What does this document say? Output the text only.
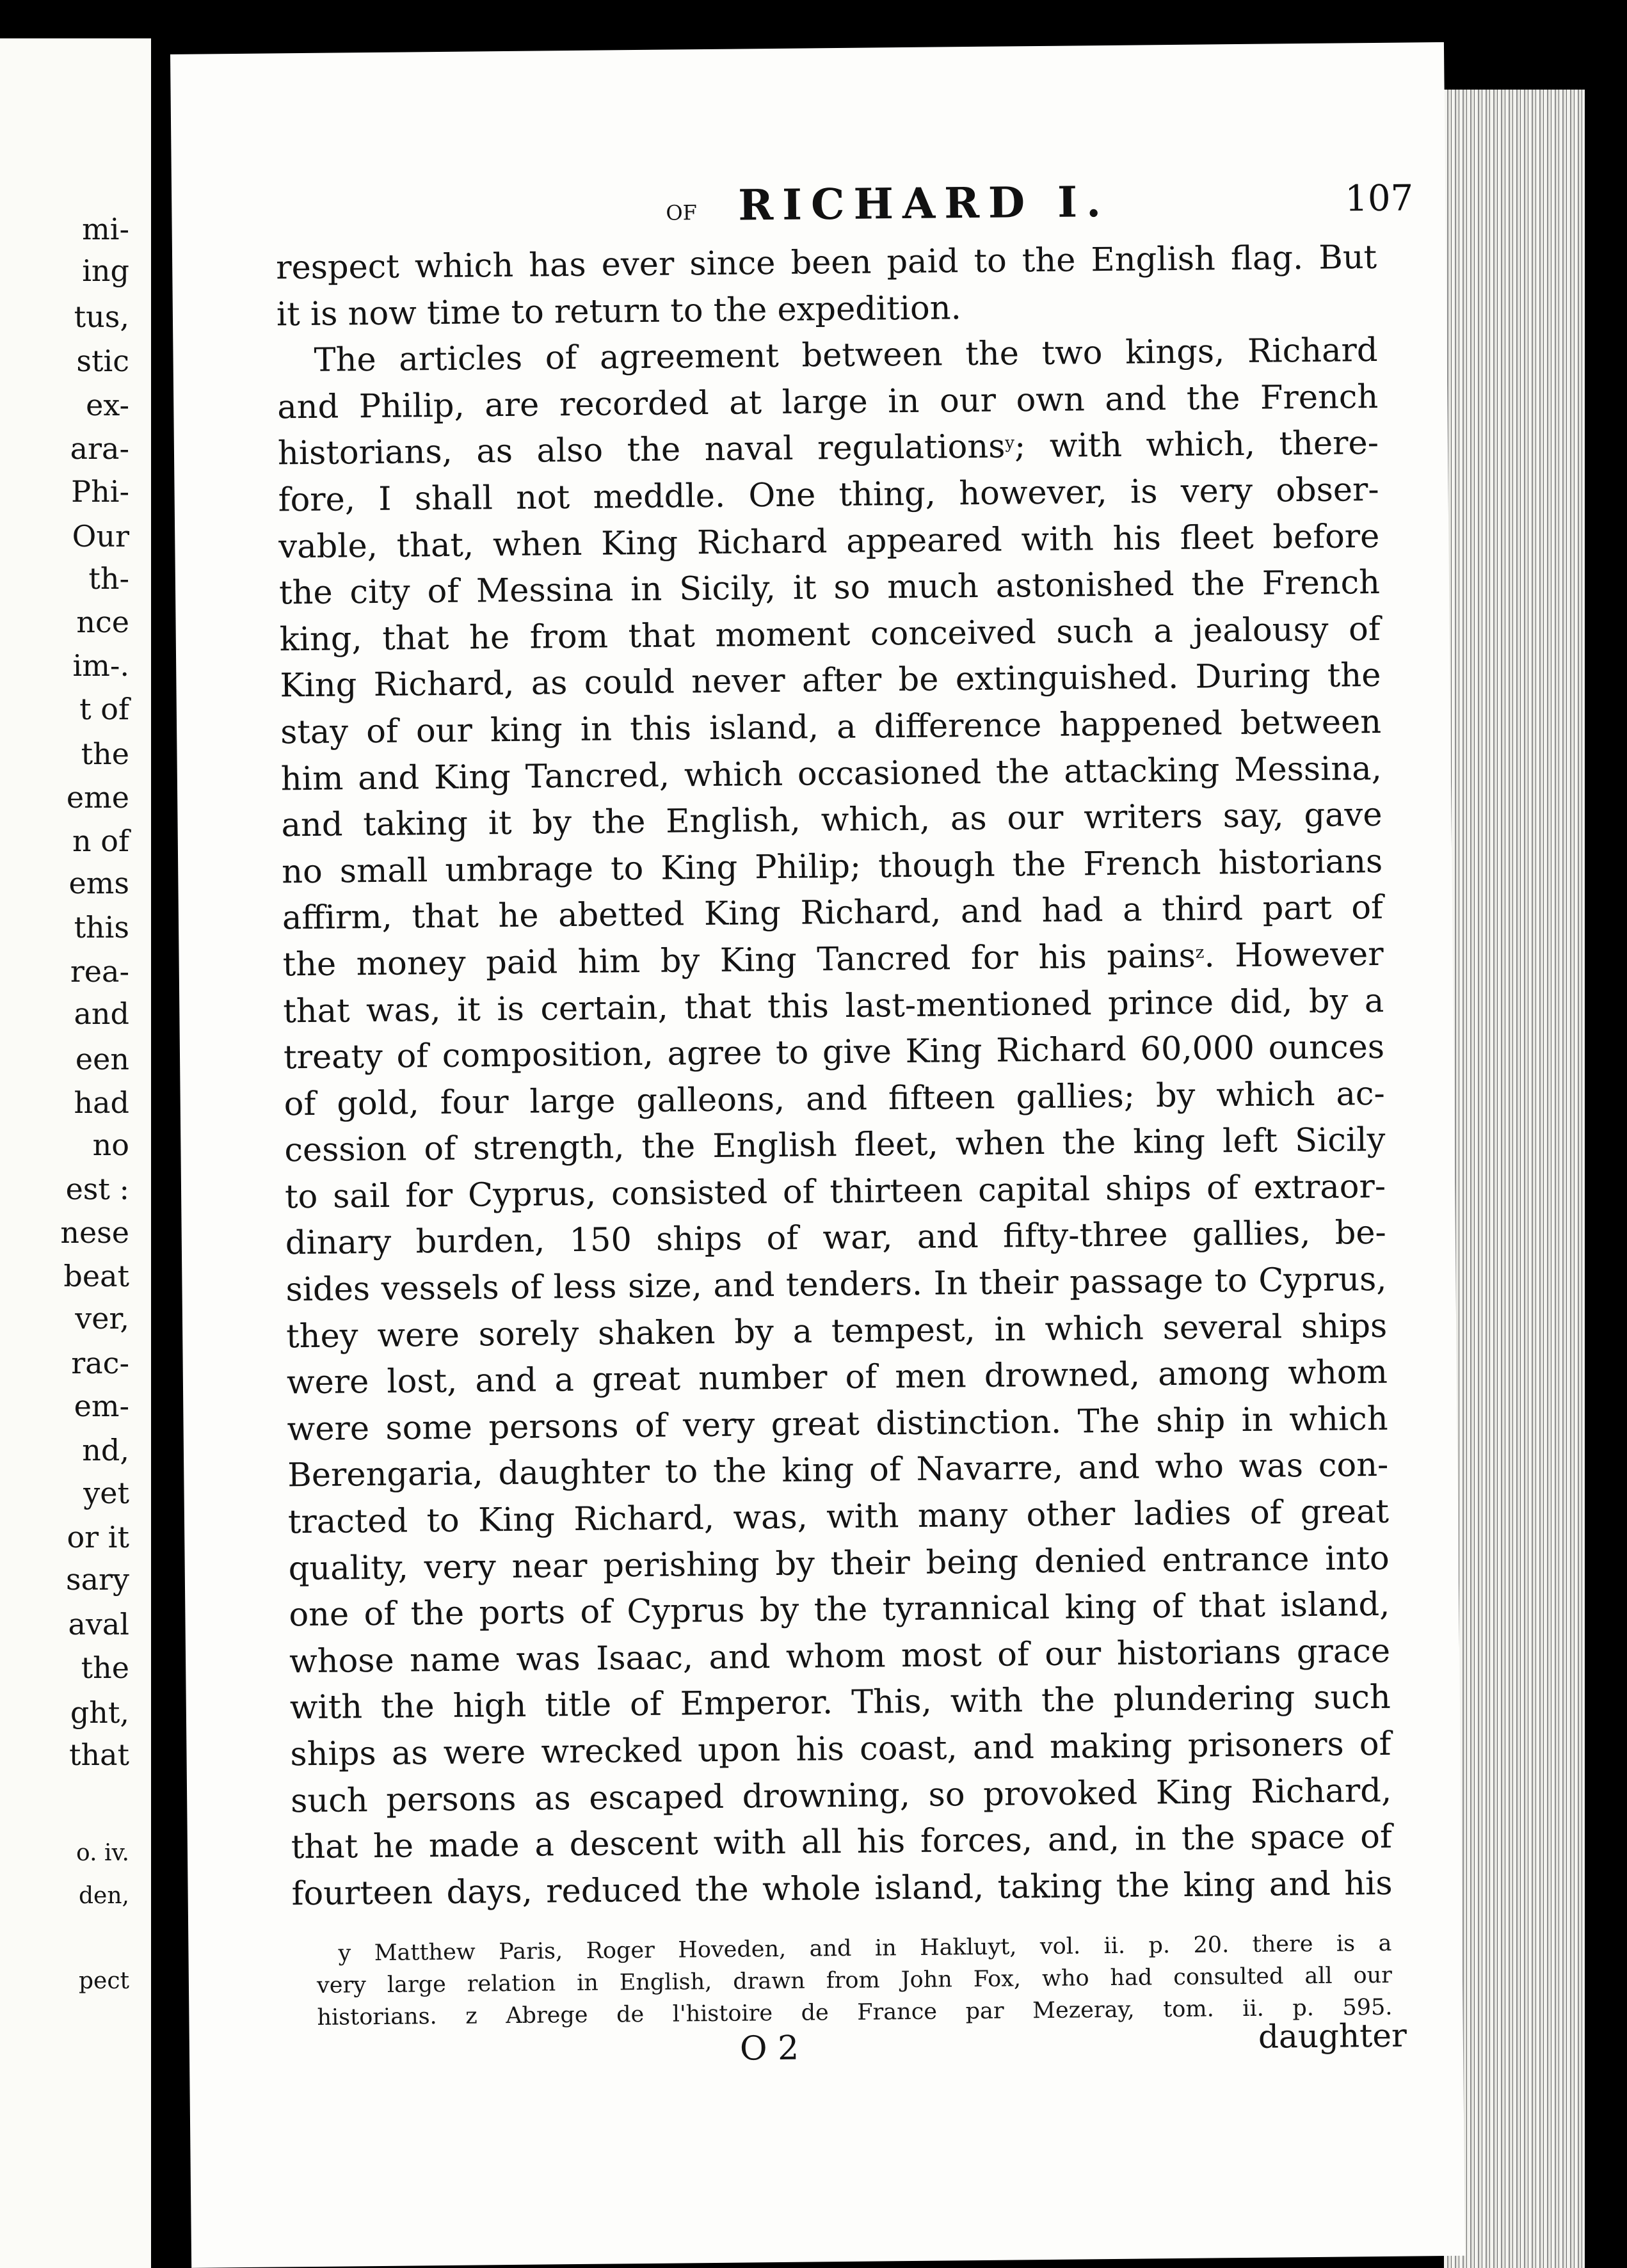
mi-
ing
tus,
stic
ex-
ara-
Phi-
Our
th-
nce
im-.
t of
the
eme
n of
ems
this
rea-
and
een
had
no
est :
nese
beat
ver,
rac-
em-
nd,
yet
or it
sary
aval
the
ght,
that
o. iv.
den,
pect
of RICHARD I.	107
respect which has ever since been paid to the English flag. But
it is now time to return to the expedition.
The articles of agreement between the two kings, Richard
and Philip, are recorded at large in our own and the French
historians, as also the naval regulations$^y$; with which, there-
fore, I shall not meddle. One thing, however, is very obser-
vable, that, when King Richard appeared with his fleet before
the city of Messina in Sicily, it so much astonished the French
king, that he from that moment conceived such a jealousy of
King Richard, as could never after be extinguished. During the
stay of our king in this island, a difference happened between
him and King Tancred, which occasioned the attacking Messina,
and taking it by the English, which, as our writers say, gave
no small umbrage to King Philip; though the French historians
affirm, that he abetted King Richard, and had a third part of
the money paid him by King Tancred for his pains$^z$. However
that was, it is certain, that this last-mentioned prince did, by a
treaty of composition, agree to give King Richard 60,000 ounces
of gold, four large galleons, and fifteen gallies; by which ac-
cession of strength, the English fleet, when the king left Sicily
to sail for Cyprus, consisted of thirteen capital ships of extraor-
dinary burden, 150 ships of war, and fifty-three gallies, be-
sides vessels of less size, and tenders. In their passage to Cyprus,
they were sorely shaken by a tempest, in which several ships
were lost, and a great number of men drowned, among whom
were some persons of very great distinction. The ship in which
Berengaria, daughter to the king of Navarre, and who was con-
tracted to King Richard, was, with many other ladies of great
quality, very near perishing by their being denied entrance into
one of the ports of Cyprus by the tyrannical king of that island,
whose name was Isaac, and whom most of our historians grace
with the high title of Emperor. This, with the plundering such
ships as were wrecked upon his coast, and making prisoners of
such persons as escaped drowning, so provoked King Richard,
that he made a descent with all his forces, and, in the space of
fourteen days, reduced the whole island, taking the king and his
y Matthew Paris, Roger Hoveden, and in Hakluyt, vol. ii. p. 20. there is a
very large relation in English, drawn from John Fox, who had consulted all our
historians. z Abrege de l'histoire de France par Mezeray, tom. ii. p. 595.
O 2	daughter
